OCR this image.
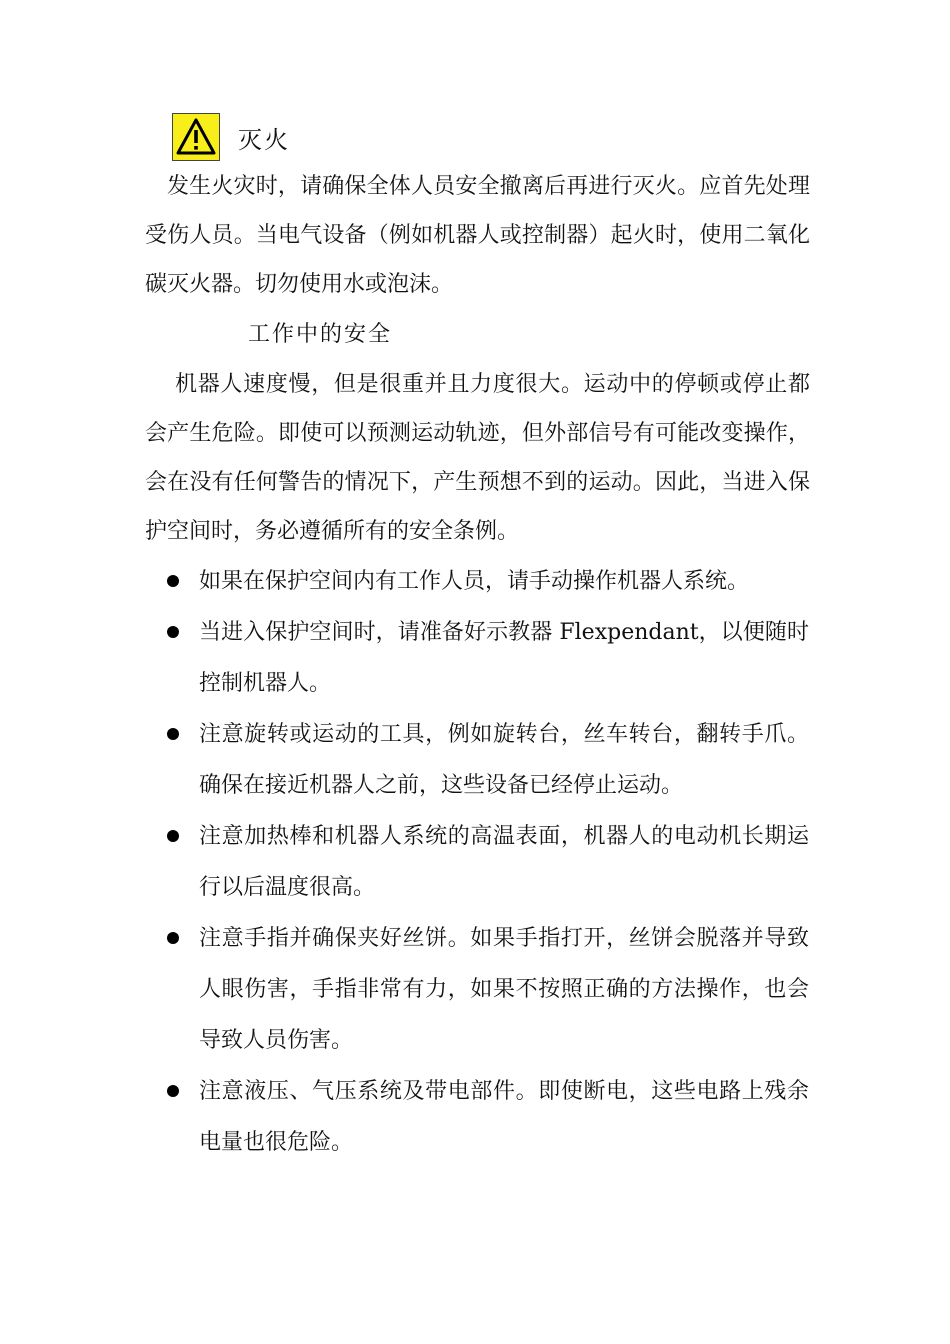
灭火

发生火灾时，请确保全体人员安全撤离后再进行灭火。应首先处理受伤人员。当电气设备（例如机器人或控制器）起火时，使用二氧化碳灭火器。切勿使用水或泡沫。

工作中的安全

机器人速度慢，但是很重并且力度很大。运动中的停顿或停止都会产生危险。即使可以预测运动轨迹，但外部信号有可能改变操作，会在没有任何警告的情况下，产生预想不到的运动。因此，当进入保护空间时，务必遵循所有的安全条例。

如果在保护空间内有工作人员，请手动操作机器人系统。
当进入保护空间时，请准备好示教器 Flexpendant，以便随时控制机器人。
注意旋转或运动的工具，例如旋转台，丝车转台，翻转手爪。确保在接近机器人之前，这些设备已经停止运动。
注意加热棒和机器人系统的高温表面，机器人的电动机长期运行以后温度很高。
注意手指并确保夹好丝饼。如果手指打开，丝饼会脱落并导致人眼伤害，手指非常有力，如果不按照正确的方法操作，也会导致人员伤害。
注意液压、气压系统及带电部件。即使断电，这些电路上残余电量也很危险。
